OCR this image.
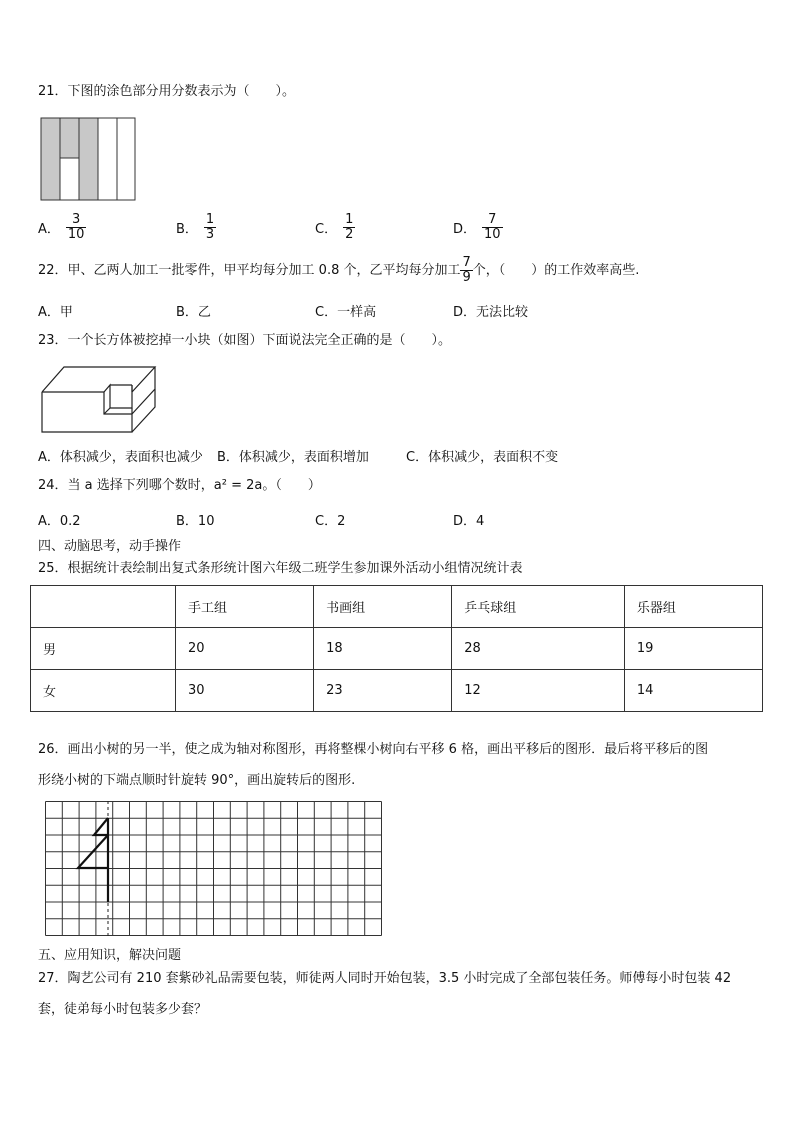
21．下图的涂色部分用分数表示为（　　）。
A． $\frac{3}{10}$	B． $\frac{1}{3}$	C． $\frac{1}{2}$	D． $\frac{7}{10}$
22．甲、乙两人加工一批零件，甲平均每分加工 0.8 个，乙平均每分加工 $\frac{7}{9}$ 个，（　　）的工作效率高些.
A．甲	B．乙	C．一样高	D．无法比较
23．一个长方体被挖掉一小块（如图）下面说法完全正确的是（　　）。
A．体积减少，表面积也减少 B．体积减少，表面积增加	C．体积减少，表面积不变
24．当 a 选择下列哪个数时，a² = 2a。（　　）
A．0.2	B．10	C．2	D．4
四、动脑思考，动手操作
25．根据统计表绘制出复式条形统计图六年级二班学生参加课外活动小组情况统计表
	手工组	书画组	乒乓球组	乐器组
男	20	18	28	19
女	30	23	12	14
26．画出小树的另一半，使之成为轴对称图形，再将整棵小树向右平移 6 格，画出平移后的图形．最后将平移后的图
形绕小树的下端点顺时针旋转 90°，画出旋转后的图形.
五、应用知识，解决问题
27．陶艺公司有 210 套紫砂礼品需要包装，师徒两人同时开始包装，3.5 小时完成了全部包装任务。师傅每小时包装 42
套，徒弟每小时包装多少套？
